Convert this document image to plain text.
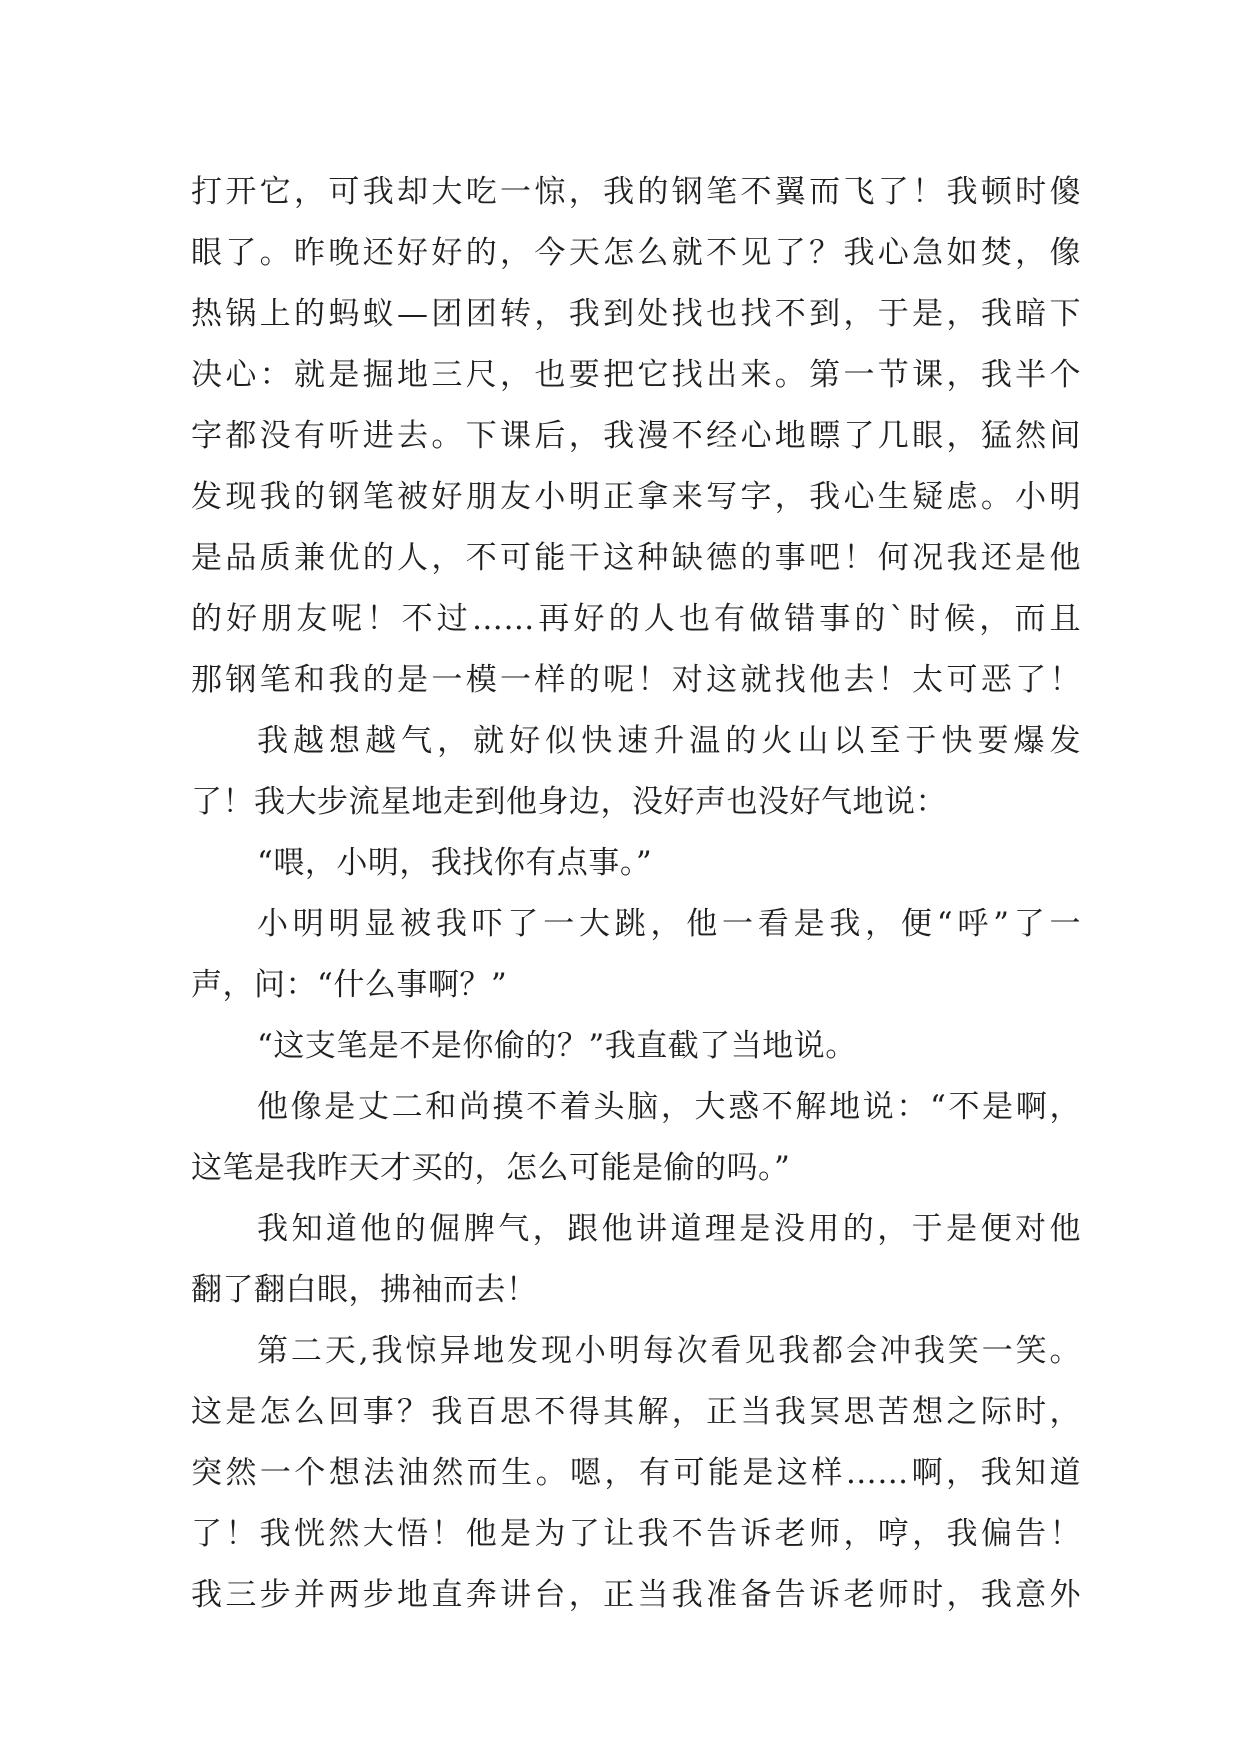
打开它，可我却大吃一惊，我的钢笔不翼而飞了！我顿时傻
眼了。昨晚还好好的，今天怎么就不见了？我心急如焚，像
热锅上的蚂蚁—团团转，我到处找也找不到，于是，我暗下
决心：就是掘地三尺，也要把它找出来。第一节课，我半个
字都没有听进去。下课后，我漫不经心地瞟了几眼，猛然间
发现我的钢笔被好朋友小明正拿来写字，我心生疑虑。小明
是品质兼优的人，不可能干这种缺德的事吧！何况我还是他
的好朋友呢！不过……再好的人也有做错事的`时候，而且
那钢笔和我的是一模一样的呢！对这就找他去！太可恶了！
我越想越气，就好似快速升温的火山以至于快要爆发
了！我大步流星地走到他身边，没好声也没好气地说：
“喂，小明，我找你有点事。”
小明明显被我吓了一大跳，他一看是我，便“呼”了一
声，问：“什么事啊？”
“这支笔是不是你偷的？”我直截了当地说。
他像是丈二和尚摸不着头脑，大惑不解地说：“不是啊，
这笔是我昨天才买的，怎么可能是偷的吗。”
我知道他的倔脾气，跟他讲道理是没用的，于是便对他
翻了翻白眼，拂袖而去！
第二天,我惊异地发现小明每次看见我都会冲我笑一笑。
这是怎么回事？我百思不得其解，正当我冥思苦想之际时，
突然一个想法油然而生。嗯，有可能是这样……啊，我知道
了！我恍然大悟！他是为了让我不告诉老师，哼，我偏告！
我三步并两步地直奔讲台，正当我准备告诉老师时，我意外
